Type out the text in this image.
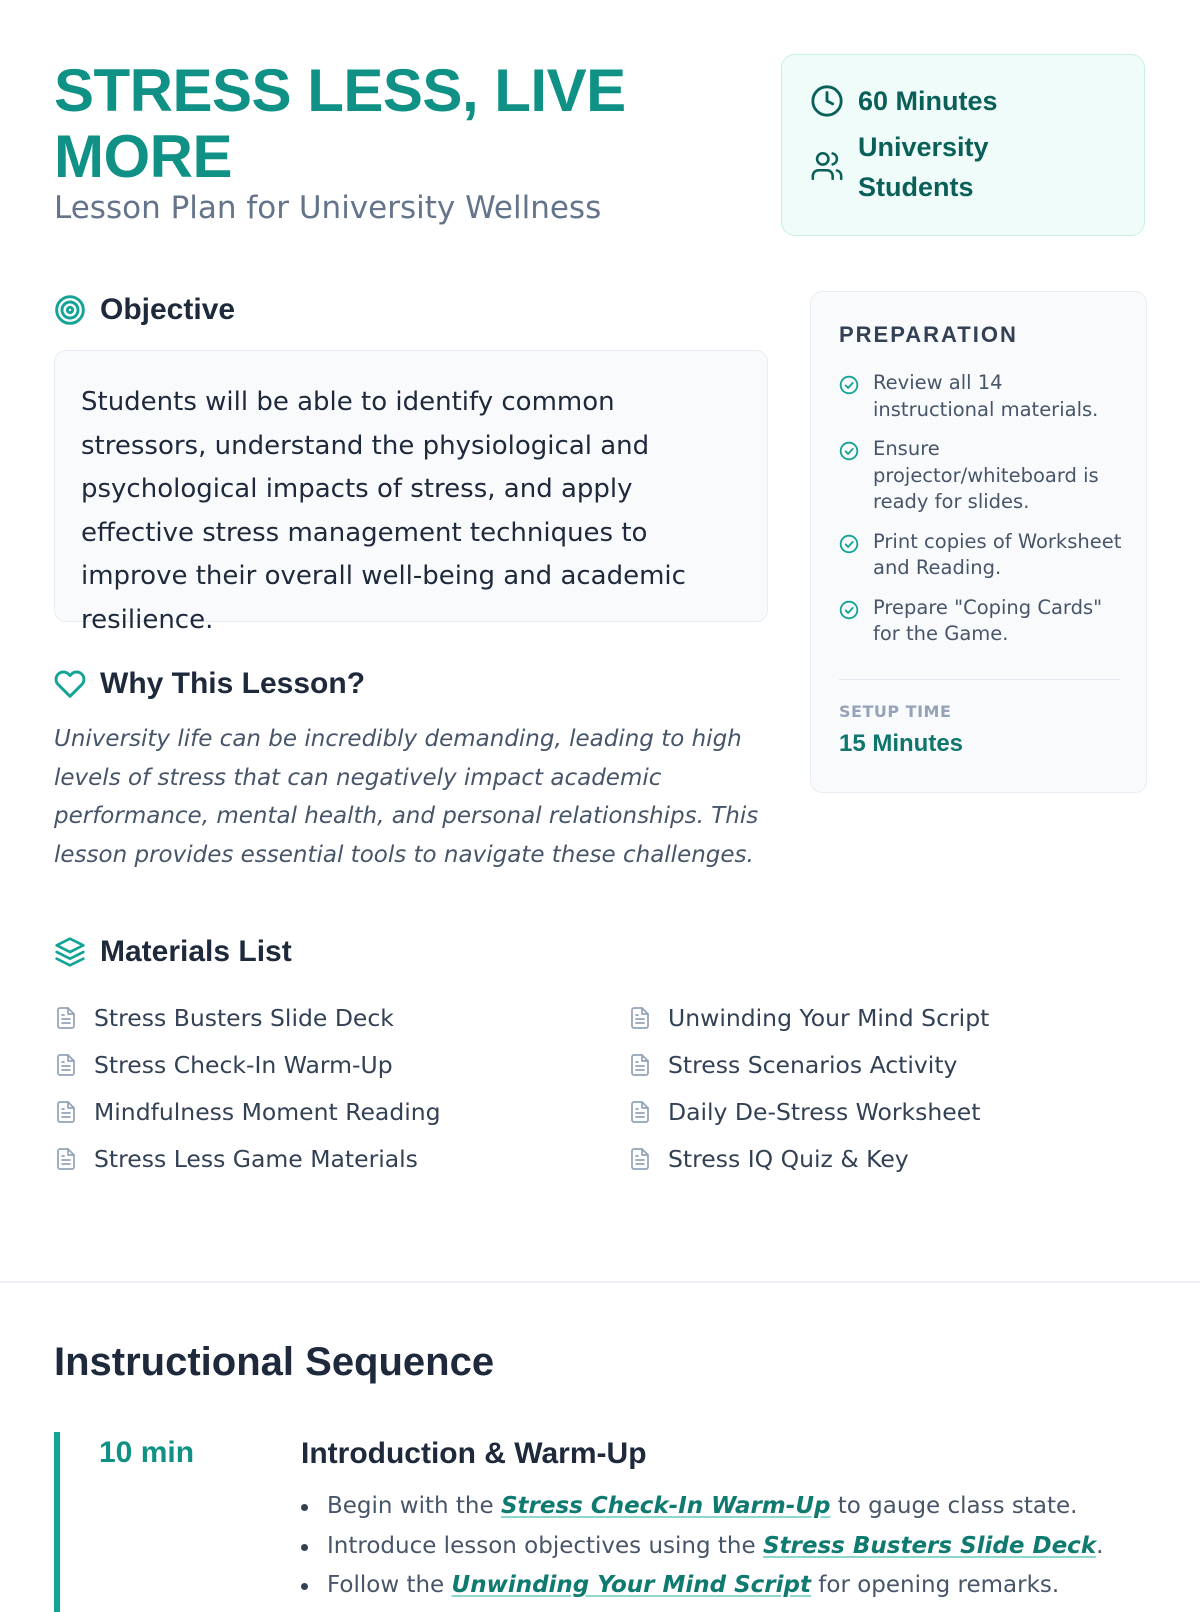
STRESS LESS, LIVE MORE
Lesson Plan for University Wellness
60 Minutes
University Students
Objective
Students will be able to identify common stressors, understand the physiological and psychological impacts of stress, and apply effective stress management techniques to improve their overall well-being and academic resilience.
Why This Lesson?

University life can be incredibly demanding, leading to high levels of stress that can negatively impact academic performance, mental health, and personal relationships. This lesson provides essential tools to navigate these challenges.

PREPARATION
Review all 14 instructional materials.
Ensure projector/whiteboard is ready for slides.
Print copies of Worksheet and Reading.
Prepare "Coping Cards" for the Game.
SETUP TIME
15 Minutes
Materials List
Stress Busters Slide Deck
Stress Check-In Warm-Up
Mindfulness Moment Reading
Stress Less Game Materials
Unwinding Your Mind Script
Stress Scenarios Activity
Daily De-Stress Worksheet
Stress IQ Quiz & Key
Instructional Sequence
10 min	Introduction & Warm-Up
Begin with the Stress Check-In Warm-Up to gauge class state.
Introduce lesson objectives using the Stress Busters Slide Deck.
Follow the Unwinding Your Mind Script for opening remarks.
